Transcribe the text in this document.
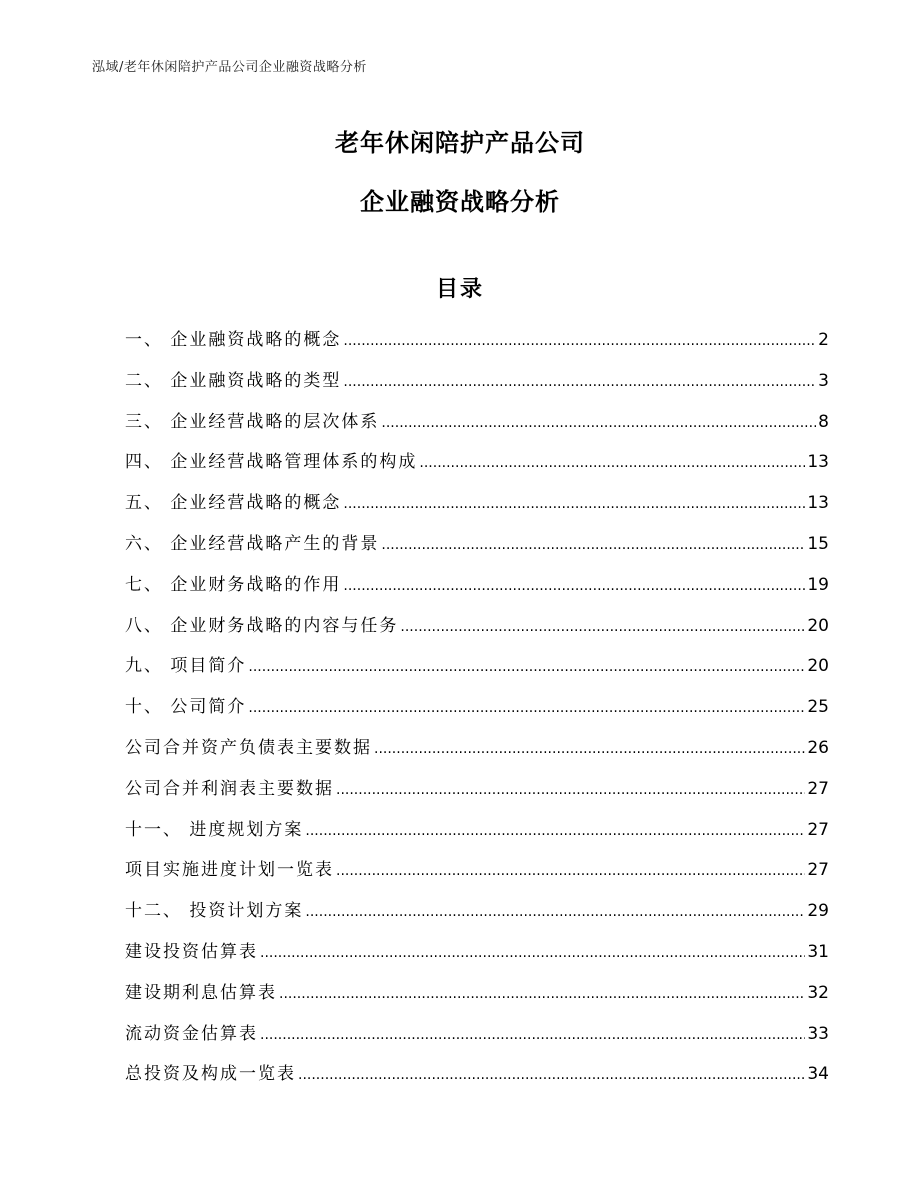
泓域/老年休闲陪护产品公司企业融资战略分析
老年休闲陪护产品公司
企业融资战略分析
目录
一、 企业融资战略的概念 .....	2
二、 企业融资战略的类型 .....	3
三、 企业经营战略的层次体系 .....	8
四、 企业经营战略管理体系的构成 .....	13
五、 企业经营战略的概念 .....	13
六、 企业经营战略产生的背景 .....	15
七、 企业财务战略的作用 .....	19
八、 企业财务战略的内容与任务 .....	20
九、 项目简介 .....	20
十、 公司简介 .....	25
公司合并资产负债表主要数据 .....	26
公司合并利润表主要数据 .....	27
十一、 进度规划方案 .....	27
项目实施进度计划一览表 .....	27
十二、 投资计划方案 .....	29
建设投资估算表 .....	31
建设期利息估算表 .....	32
流动资金估算表 .....	33
总投资及构成一览表 .....	34
